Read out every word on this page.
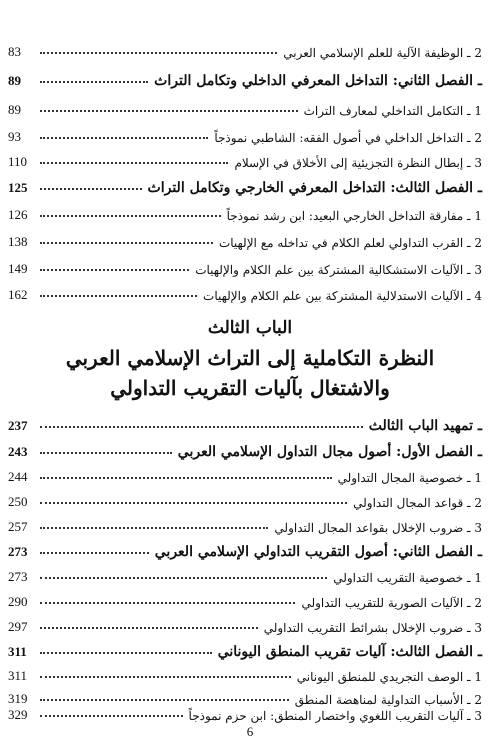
2 ـ الوظيفة الآلية للعلم الإسلامي العربي
83
ـ الفصل الثاني: التداخل المعرفي الداخلي وتكامل التراث
89
1 ـ التكامل التداخلي لمعارف التراث
89
2 ـ التداخل الداخلي في أصول الفقه: الشاطبي نموذجاً
93
3 ـ إبطال النظرة التجزيئية إلى الأخلاق في الإسلام
110
ـ الفصل الثالث: التداخل المعرفي الخارجي وتكامل التراث
125
1 ـ مفارقة التداخل الخارجي البعيد: ابن رشد نموذجاً
126
2 ـ القرب التداولي لعلم الكلام في تداخله مع الإلهيات
138
3 ـ الآليات الاستشكالية المشتركة بين علم الكلام والإلهيات
149
4 ـ الآليات الاستدلالية المشتركة بين علم الكلام والإلهيات
162
الباب الثالث
النظرة التكاملية إلى التراث الإسلامي العربي
والاشتغال بآليات التقريب التداولي
ـ تمهيد الباب الثالث
237
ـ الفصل الأول: أصول مجال التداول الإسلامي العربي
243
1 ـ خصوصية المجال التداولي
244
2 ـ قواعد المجال التداولي
250
3 ـ ضروب الإخلال بقواعد المجال التداولي
257
ـ الفصل الثاني: أصول التقريب التداولي الإسلامي العربي
273
1 ـ خصوصية التقريب التداولي
273
2 ـ الآليات الصورية للتقريب التداولي
290
3 ـ ضروب الإخلال بشرائط التقريب التداولي
297
ـ الفصل الثالث: آليات تقريب المنطق اليوناني
311
1 ـ الوصف التجريدي للمنطق اليوناني
311
2 ـ الأسباب التداولية لمناهضة المنطق
319
3 ـ آليات التقريب اللغوي واختصار المنطق: ابن حزم نموذجاً
329
6
